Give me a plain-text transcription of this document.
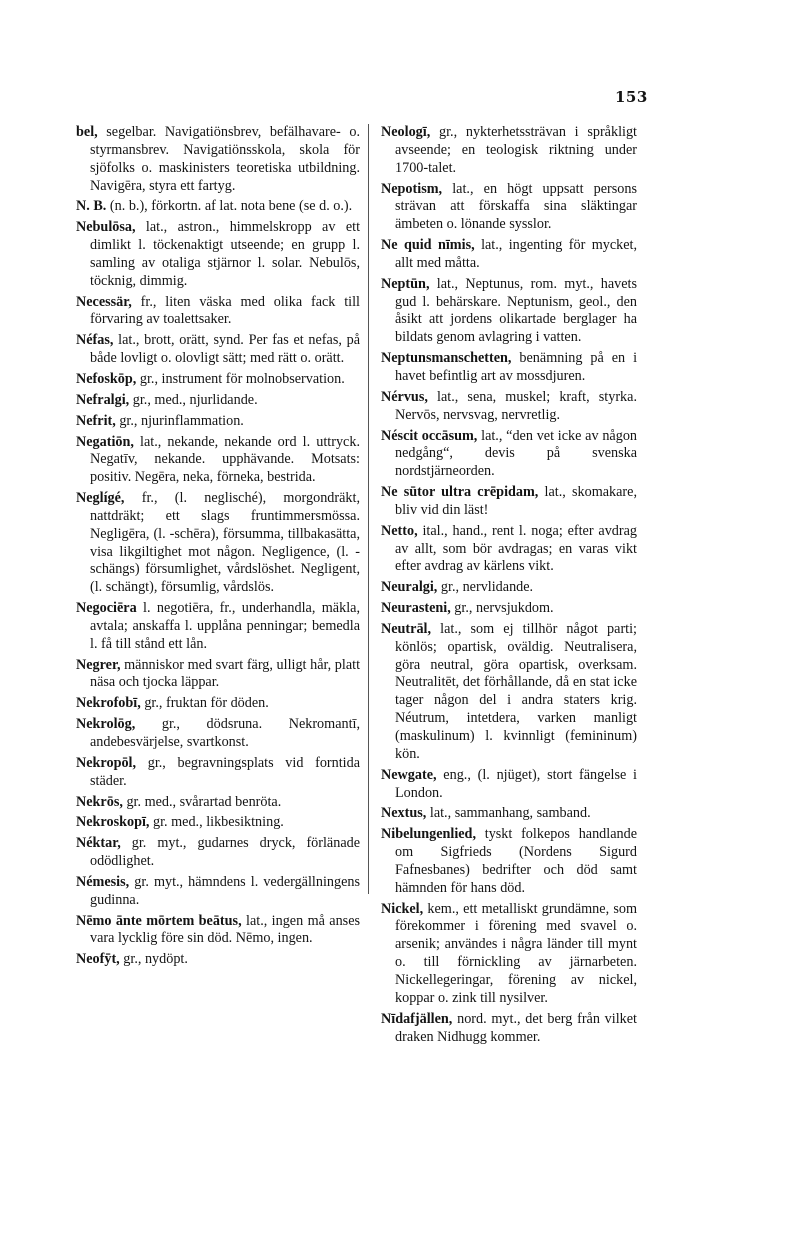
153
bel, segelbar. Navigatiönsbrev, befälhavare- o. styrmansbrev. Navigatiönsskola, skola för sjöfolks o. maskinisters teoretiska utbildning. Navigēra, styra ett fartyg.
N. B. (n. b.), förkortn. af lat. nota bene (se d. o.).
Nebulōsa, lat., astron., himmelskropp av ett dimlikt l. töckenaktigt utseende; en grupp l. samling av otaliga stjärnor l. solar. Nebulōs, töcknig, dimmig.
Necessär, fr., liten väska med olika fack till förvaring av toalettsaker.
Néfas, lat., brott, orätt, synd. Per fas et nefas, på både lovligt o. olovligt sätt; med rätt o. orätt.
Nefoskōp, gr., instrument för molnobservation.
Nefralgi, gr., med., njurlidande.
Nefrit, gr., njurinflammation.
Negatiōn, lat., nekande, nekande ord l. uttryck. Negatīv, nekande. upphävande. Motsats: positiv. Negēra, neka, förneka, bestrida.
Neglígé, fr., (l. neglisché), morgondräkt, nattdräkt; ett slags fruntimmersmössa. Negligēra, (l. -schēra), försumma, tillbakasätta, visa likgiltighet mot någon. Negligence, (l. -schängs) försumlighet, vårdslöshet. Negligent, (l. schängt), försumlig, vårdslös.
Negociēra l. negotiēra, fr., underhandla, mäkla, avtala; anskaffa l. upplåna penningar; bemedla l. få till stånd ett lån.
Negrer, människor med svart färg, ulligt hår, platt näsa och tjocka läppar.
Nekrofobī, gr., fruktan för döden.
Nekrolōg, gr., dödsruna. Nekromantī, andebesvärjelse, svartkonst.
Nekropōl, gr., begravningsplats vid forntida städer.
Nekrōs, gr. med., svårartad benröta.
Nekroskopī, gr. med., likbesiktning.
Néktar, gr. myt., gudarnes dryck, förlänade odödlighet.
Némesis, gr. myt., hämndens l. vedergällningens gudinna.
Nēmo ānte mōrtem beātus, lat., ingen må anses vara lycklig före sin död. Nēmo, ingen.
Neofȳt, gr., nydöpt.
Neologī, gr., nykterhetssträvan i språkligt avseende; en teologisk riktning under 1700-talet.
Nepotism, lat., en högt uppsatt persons strävan att förskaffa sina släktingar ämbeten o. lönande sysslor.
Ne quid nīmis, lat., ingenting för mycket, allt med måtta.
Neptūn, lat., Neptunus, rom. myt., havets gud l. behärskare. Neptunism, geol., den åsikt att jordens olikartade berglager ha bildats genom avlagring i vatten.
Neptunsmanschetten, benämning på en i havet befintlig art av mossdjuren.
Nérvus, lat., sena, muskel; kraft, styrka. Nervōs, nervsvag, nervretlig.
Néscit occāsum, lat., “den vet icke av någon nedgång“, devis på svenska nordstjärneorden.
Ne sūtor ultra crēpidam, lat., skomakare, bliv vid din läst!
Netto, ital., hand., rent l. noga; efter avdrag av allt, som bör avdragas; en varas vikt efter avdrag av kärlens vikt.
Neuralgi, gr., nervlidande.
Neurasteni, gr., nervsjukdom.
Neutrāl, lat., som ej tillhör något parti; könlös; opartisk, oväldig. Neutralisera, göra neutral, göra opartisk, overksam. Neutralitēt, det förhållande, då en stat icke tager någon del i andra staters krig. Néutrum, intetdera, varken manligt (maskulinum) l. kvinnligt (femininum) kön.
Newgate, eng., (l. njüget), stort fängelse i London.
Nextus, lat., sammanhang, samband.
Nibelungenlied, tyskt folkepos handlande om Sigfrieds (Nordens Sigurd Fafnesbanes) bedrifter och död samt hämnden för hans död.
Nickel, kem., ett metalliskt grundämne, som förekommer i förening med svavel o. arsenik; användes i några länder till mynt o. till förnickling av järnarbeten. Nickellegeringar, förening av nickel, koppar o. zink till nysilver.
Nīdafjällen, nord. myt., det berg från vilket draken Nidhugg kommer.
